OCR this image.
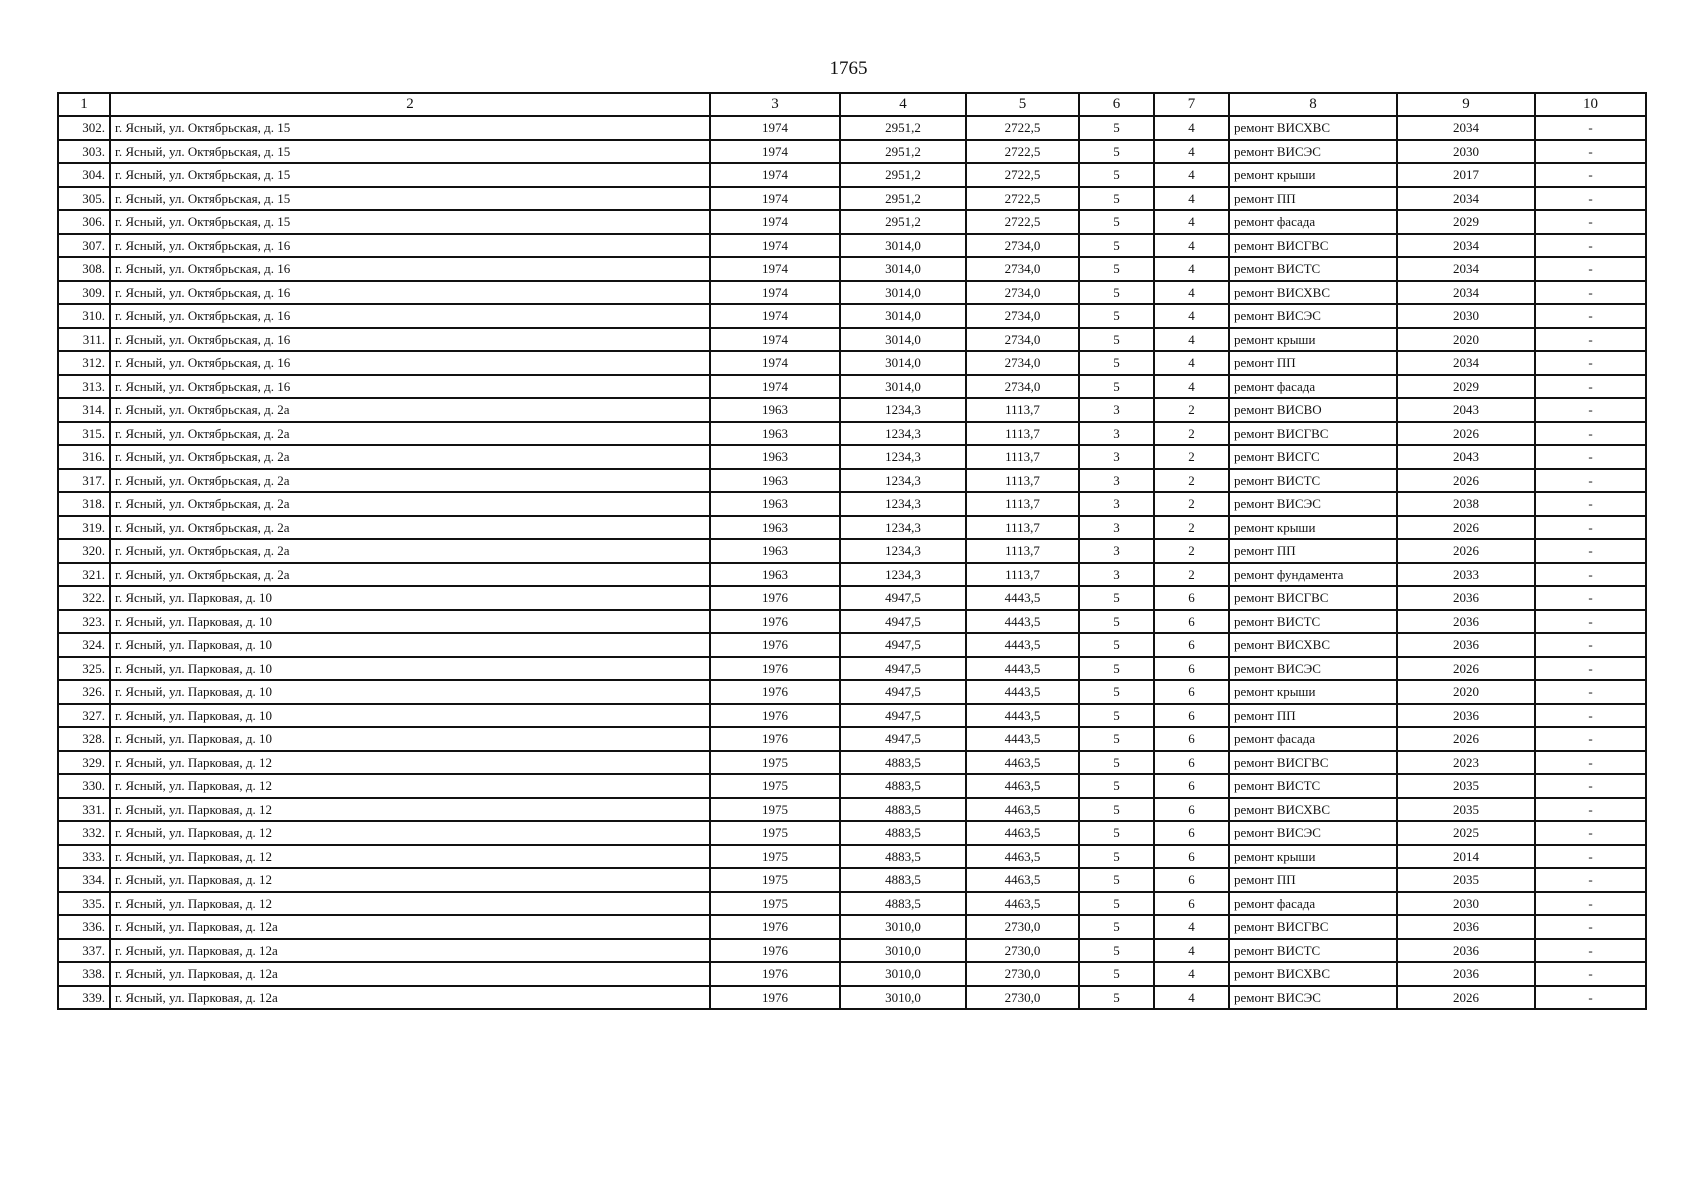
1765
1	2	3	4	5	6	7	8	9	10
302.	г. Ясный, ул. Октябрьская, д. 15	1974	2951,2	2722,5	5	4	ремонт ВИСХВС	2034	-
303.	г. Ясный, ул. Октябрьская, д. 15	1974	2951,2	2722,5	5	4	ремонт ВИСЭС	2030	-
304.	г. Ясный, ул. Октябрьская, д. 15	1974	2951,2	2722,5	5	4	ремонт крыши	2017	-
305.	г. Ясный, ул. Октябрьская, д. 15	1974	2951,2	2722,5	5	4	ремонт ПП	2034	-
306.	г. Ясный, ул. Октябрьская, д. 15	1974	2951,2	2722,5	5	4	ремонт фасада	2029	-
307.	г. Ясный, ул. Октябрьская, д. 16	1974	3014,0	2734,0	5	4	ремонт ВИСГВС	2034	-
308.	г. Ясный, ул. Октябрьская, д. 16	1974	3014,0	2734,0	5	4	ремонт ВИСТС	2034	-
309.	г. Ясный, ул. Октябрьская, д. 16	1974	3014,0	2734,0	5	4	ремонт ВИСХВС	2034	-
310.	г. Ясный, ул. Октябрьская, д. 16	1974	3014,0	2734,0	5	4	ремонт ВИСЭС	2030	-
311.	г. Ясный, ул. Октябрьская, д. 16	1974	3014,0	2734,0	5	4	ремонт крыши	2020	-
312.	г. Ясный, ул. Октябрьская, д. 16	1974	3014,0	2734,0	5	4	ремонт ПП	2034	-
313.	г. Ясный, ул. Октябрьская, д. 16	1974	3014,0	2734,0	5	4	ремонт фасада	2029	-
314.	г. Ясный, ул. Октябрьская, д. 2а	1963	1234,3	1113,7	3	2	ремонт ВИСВО	2043	-
315.	г. Ясный, ул. Октябрьская, д. 2а	1963	1234,3	1113,7	3	2	ремонт ВИСГВС	2026	-
316.	г. Ясный, ул. Октябрьская, д. 2а	1963	1234,3	1113,7	3	2	ремонт ВИСГС	2043	-
317.	г. Ясный, ул. Октябрьская, д. 2а	1963	1234,3	1113,7	3	2	ремонт ВИСТС	2026	-
318.	г. Ясный, ул. Октябрьская, д. 2а	1963	1234,3	1113,7	3	2	ремонт ВИСЭС	2038	-
319.	г. Ясный, ул. Октябрьская, д. 2а	1963	1234,3	1113,7	3	2	ремонт крыши	2026	-
320.	г. Ясный, ул. Октябрьская, д. 2а	1963	1234,3	1113,7	3	2	ремонт ПП	2026	-
321.	г. Ясный, ул. Октябрьская, д. 2а	1963	1234,3	1113,7	3	2	ремонт фундамента	2033	-
322.	г. Ясный, ул. Парковая, д. 10	1976	4947,5	4443,5	5	6	ремонт ВИСГВС	2036	-
323.	г. Ясный, ул. Парковая, д. 10	1976	4947,5	4443,5	5	6	ремонт ВИСТС	2036	-
324.	г. Ясный, ул. Парковая, д. 10	1976	4947,5	4443,5	5	6	ремонт ВИСХВС	2036	-
325.	г. Ясный, ул. Парковая, д. 10	1976	4947,5	4443,5	5	6	ремонт ВИСЭС	2026	-
326.	г. Ясный, ул. Парковая, д. 10	1976	4947,5	4443,5	5	6	ремонт крыши	2020	-
327.	г. Ясный, ул. Парковая, д. 10	1976	4947,5	4443,5	5	6	ремонт ПП	2036	-
328.	г. Ясный, ул. Парковая, д. 10	1976	4947,5	4443,5	5	6	ремонт фасада	2026	-
329.	г. Ясный, ул. Парковая, д. 12	1975	4883,5	4463,5	5	6	ремонт ВИСГВС	2023	-
330.	г. Ясный, ул. Парковая, д. 12	1975	4883,5	4463,5	5	6	ремонт ВИСТС	2035	-
331.	г. Ясный, ул. Парковая, д. 12	1975	4883,5	4463,5	5	6	ремонт ВИСХВС	2035	-
332.	г. Ясный, ул. Парковая, д. 12	1975	4883,5	4463,5	5	6	ремонт ВИСЭС	2025	-
333.	г. Ясный, ул. Парковая, д. 12	1975	4883,5	4463,5	5	6	ремонт крыши	2014	-
334.	г. Ясный, ул. Парковая, д. 12	1975	4883,5	4463,5	5	6	ремонт ПП	2035	-
335.	г. Ясный, ул. Парковая, д. 12	1975	4883,5	4463,5	5	6	ремонт фасада	2030	-
336.	г. Ясный, ул. Парковая, д. 12а	1976	3010,0	2730,0	5	4	ремонт ВИСГВС	2036	-
337.	г. Ясный, ул. Парковая, д. 12а	1976	3010,0	2730,0	5	4	ремонт ВИСТС	2036	-
338.	г. Ясный, ул. Парковая, д. 12а	1976	3010,0	2730,0	5	4	ремонт ВИСХВС	2036	-
339.	г. Ясный, ул. Парковая, д. 12а	1976	3010,0	2730,0	5	4	ремонт ВИСЭС	2026	-
